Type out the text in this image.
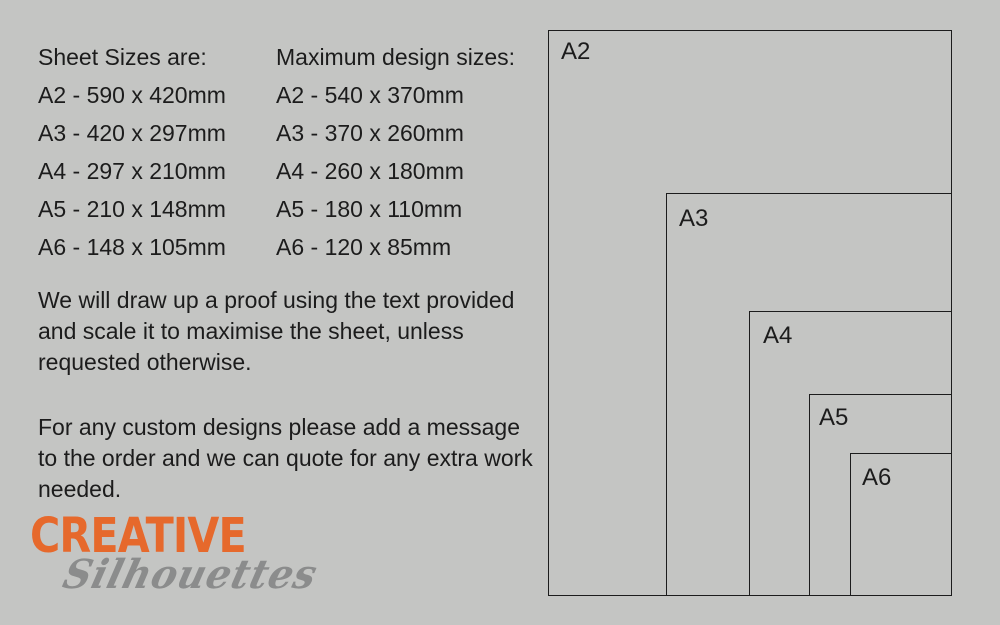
Sheet Sizes are:
A2 - 590 x 420mm
A3 - 420 x 297mm
A4 - 297 x 210mm
A5 - 210 x 148mm
A6 - 148 x 105mm
Maximum design sizes:
A2 - 540 x 370mm
A3 - 370 x 260mm
A4 - 260 x 180mm
A5 - 180 x 110mm
A6 - 120 x 85mm
We will draw up a proof using the text provided and scale it to maximise the sheet, unless requested otherwise.
For any custom designs please add a message to the order and we can quote for any extra work needed.
CREATIVE
Silhouettes
A2
A3
A4
A5
A6
